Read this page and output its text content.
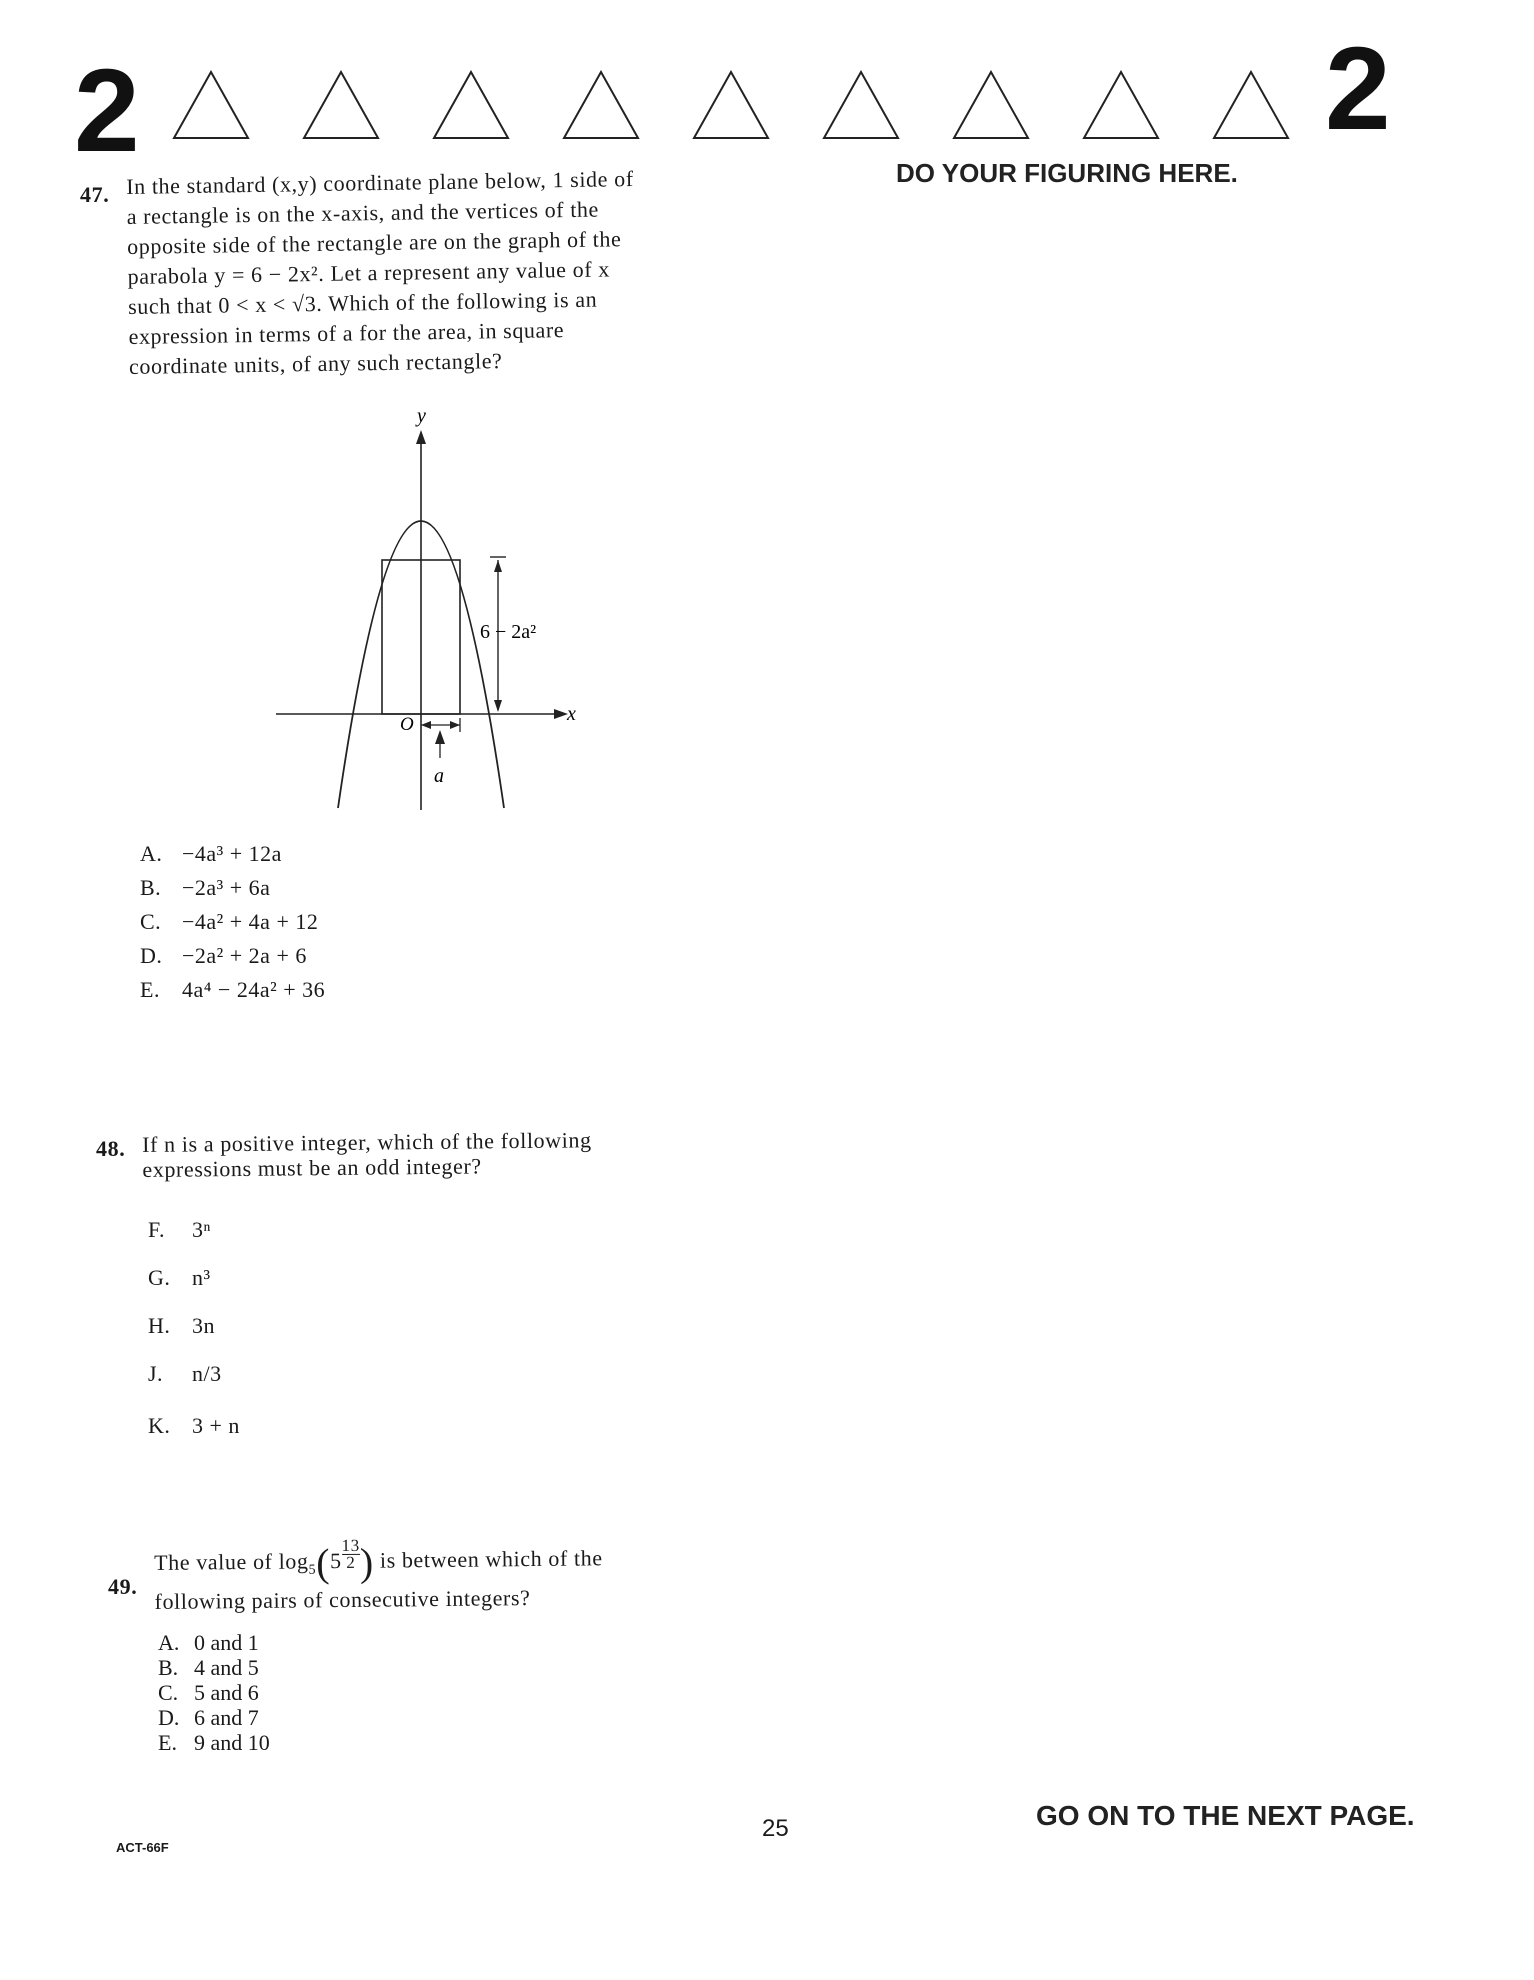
2	2
DO YOUR FIGURING HERE.
47. In the standard (x,y) coordinate plane below, 1 side of
a rectangle is on the x-axis, and the vertices of the
opposite side of the rectangle are on the graph of the
parabola y = 6 − 2x². Let a represent any value of x
such that 0 < x < √3. Which of the following is an
expression in terms of a for the area, in square
coordinate units, of any such rectangle?
y
x
6 − 2a²
O
a
A. −4a³ + 12a
B. −2a³ + 6a
C. −4a² + 4a + 12
D. −2a² + 2a + 6
E. 4a⁴ − 24a² + 36
48. If n is a positive integer, which of the following
expressions must be an odd integer?
F. 3ⁿ
G. n³
H. 3n
J. n/3
K. 3 + n
49.
The value of $\log_5(5 \frac{13}{2}$ ) is between which of the
following pairs of consecutive integers?
A. 0 and 1
B. 4 and 5
C. 5 and 6
D. 6 and 7
E. 9 and 10
ACT-66F
25	GO ON TO THE NEXT PAGE.
